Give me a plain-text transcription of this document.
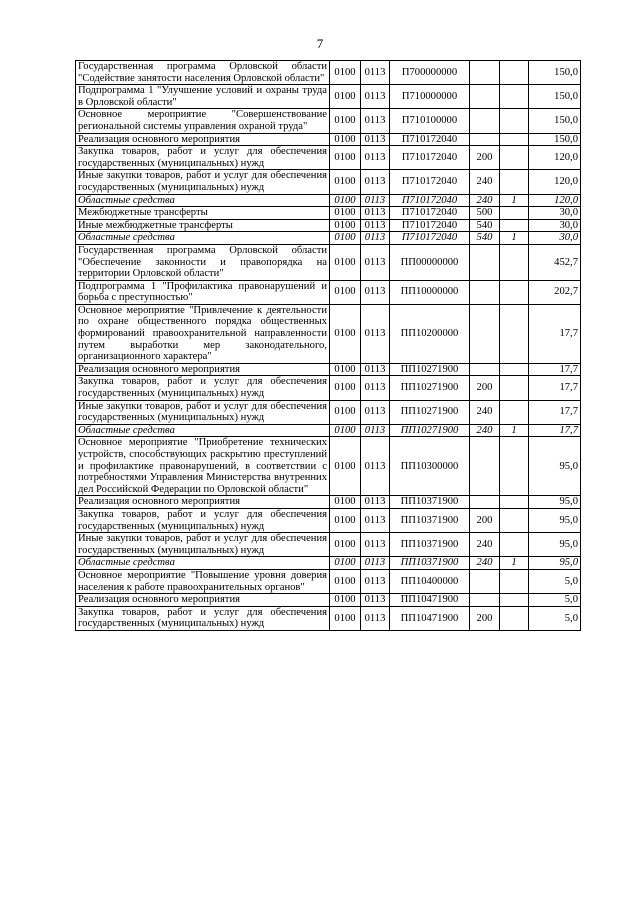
7
Государственная программа Орловской области "Содействие занятости населения Орловской области"	0100	0113	П700000000			150,0
Подпрограмма 1 "Улучшение условий и охраны труда в Орловской области"	0100	0113	П710000000			150,0
Основное мероприятие "Совершенствование региональной системы управления охраной труда"	0100	0113	П710100000			150,0
Реализация основного мероприятия	0100	0113	П710172040			150,0
Закупка товаров, работ и услуг для обеспечения государственных (муниципальных) нужд	0100	0113	П710172040	200		120,0
Иные закупки товаров, работ и услуг для обеспечения государственных (муниципальных) нужд	0100	0113	П710172040	240		120,0
Областные средства	0100	0113	П710172040	240	1	120,0
Межбюджетные трансферты	0100	0113	П710172040	500		30,0
Иные межбюджетные трансферты	0100	0113	П710172040	540		30,0
Областные средства	0100	0113	П710172040	540	1	30,0
Государственная программа Орловской области "Обеспечение законности и правопорядка на территории Орловской области"	0100	0113	ПП00000000			452,7
Подпрограмма 1 "Профилактика правонарушений и борьба с преступностью"	0100	0113	ПП10000000			202,7
Основное мероприятие "Привлечение к деятельности по охране общественного порядка общественных формирований правоохранительной направленности путем выработки мер законодательного, организационного характера"	0100	0113	ПП10200000			17,7
Реализация основного мероприятия	0100	0113	ПП10271900			17,7
Закупка товаров, работ и услуг для обеспечения государственных (муниципальных) нужд	0100	0113	ПП10271900	200		17,7
Иные закупки товаров, работ и услуг для обеспечения государственных (муниципальных) нужд	0100	0113	ПП10271900	240		17,7
Областные средства	0100	0113	ПП10271900	240	1	17,7
Основное мероприятие "Приобретение технических устройств, способствующих раскрытию преступлений и профилактике правонарушений, в соответствии с потребностями Управления Министерства внутренних дел Российской Федерации по Орловской области"	0100	0113	ПП10300000			95,0
Реализация основного мероприятия	0100	0113	ПП10371900			95,0
Закупка товаров, работ и услуг для обеспечения государственных (муниципальных) нужд	0100	0113	ПП10371900	200		95,0
Иные закупки товаров, работ и услуг для обеспечения государственных (муниципальных) нужд	0100	0113	ПП10371900	240		95,0
Областные средства	0100	0113	ПП10371900	240	1	95,0
Основное мероприятие "Повышение уровня доверия населения к работе правоохранительных органов"	0100	0113	ПП10400000			5,0
Реализация основного мероприятия	0100	0113	ПП10471900			5,0
Закупка товаров, работ и услуг для обеспечения государственных (муниципальных) нужд	0100	0113	ПП10471900	200		5,0
